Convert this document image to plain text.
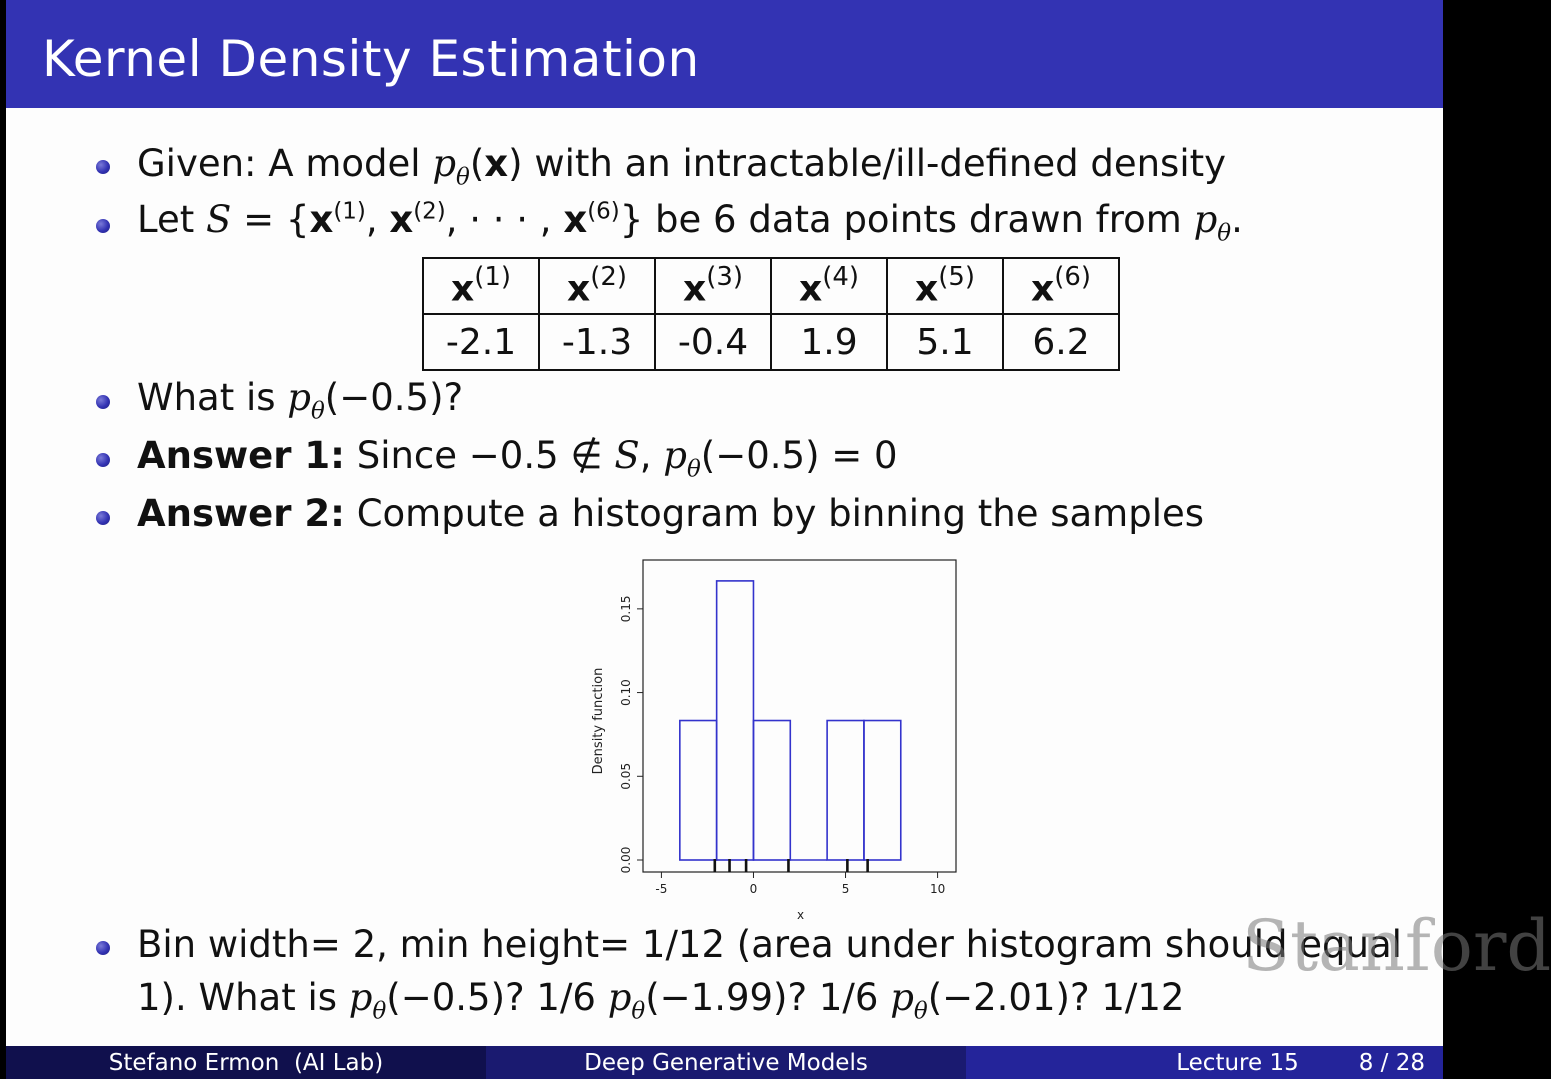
Kernel Density Estimation
Given: A model $p_\theta(x)$ with an intractable/ill-defined density
Let $S = \{x^{(1)}$, $x^{(2)}$, · · · , $x^{(6)}$} be 6 data points drawn from $p_\theta$.
$x^{(1)}$	$x^{(2)}$	$x^{(3)}$	$x^{(4)}$	$x^{(5)}$	$x^{(6)}$
-2.1	-1.3	-0.4	1.9	5.1	6.2
What is $p_\theta(-0.5)$?
Answer 1: Since −0.5 ∉ S, $p_\theta(-0.5) = 0$
Answer 2: Compute a histogram by binning the samples
-5	0	5	10
0.00
0.05
0.10
0.15
x
Density function
Bin width= 2, min height= 1/12 (area under histogram should equal
1). What is $p_\theta(-0.5)$? 1/6 $p_\theta(-1.99)$? 1/6 $p_\theta(-2.01)$? 1/12
Stanford
Stefano Ermon  (AI Lab)	Deep Generative Models	Lecture 15	8 / 28
